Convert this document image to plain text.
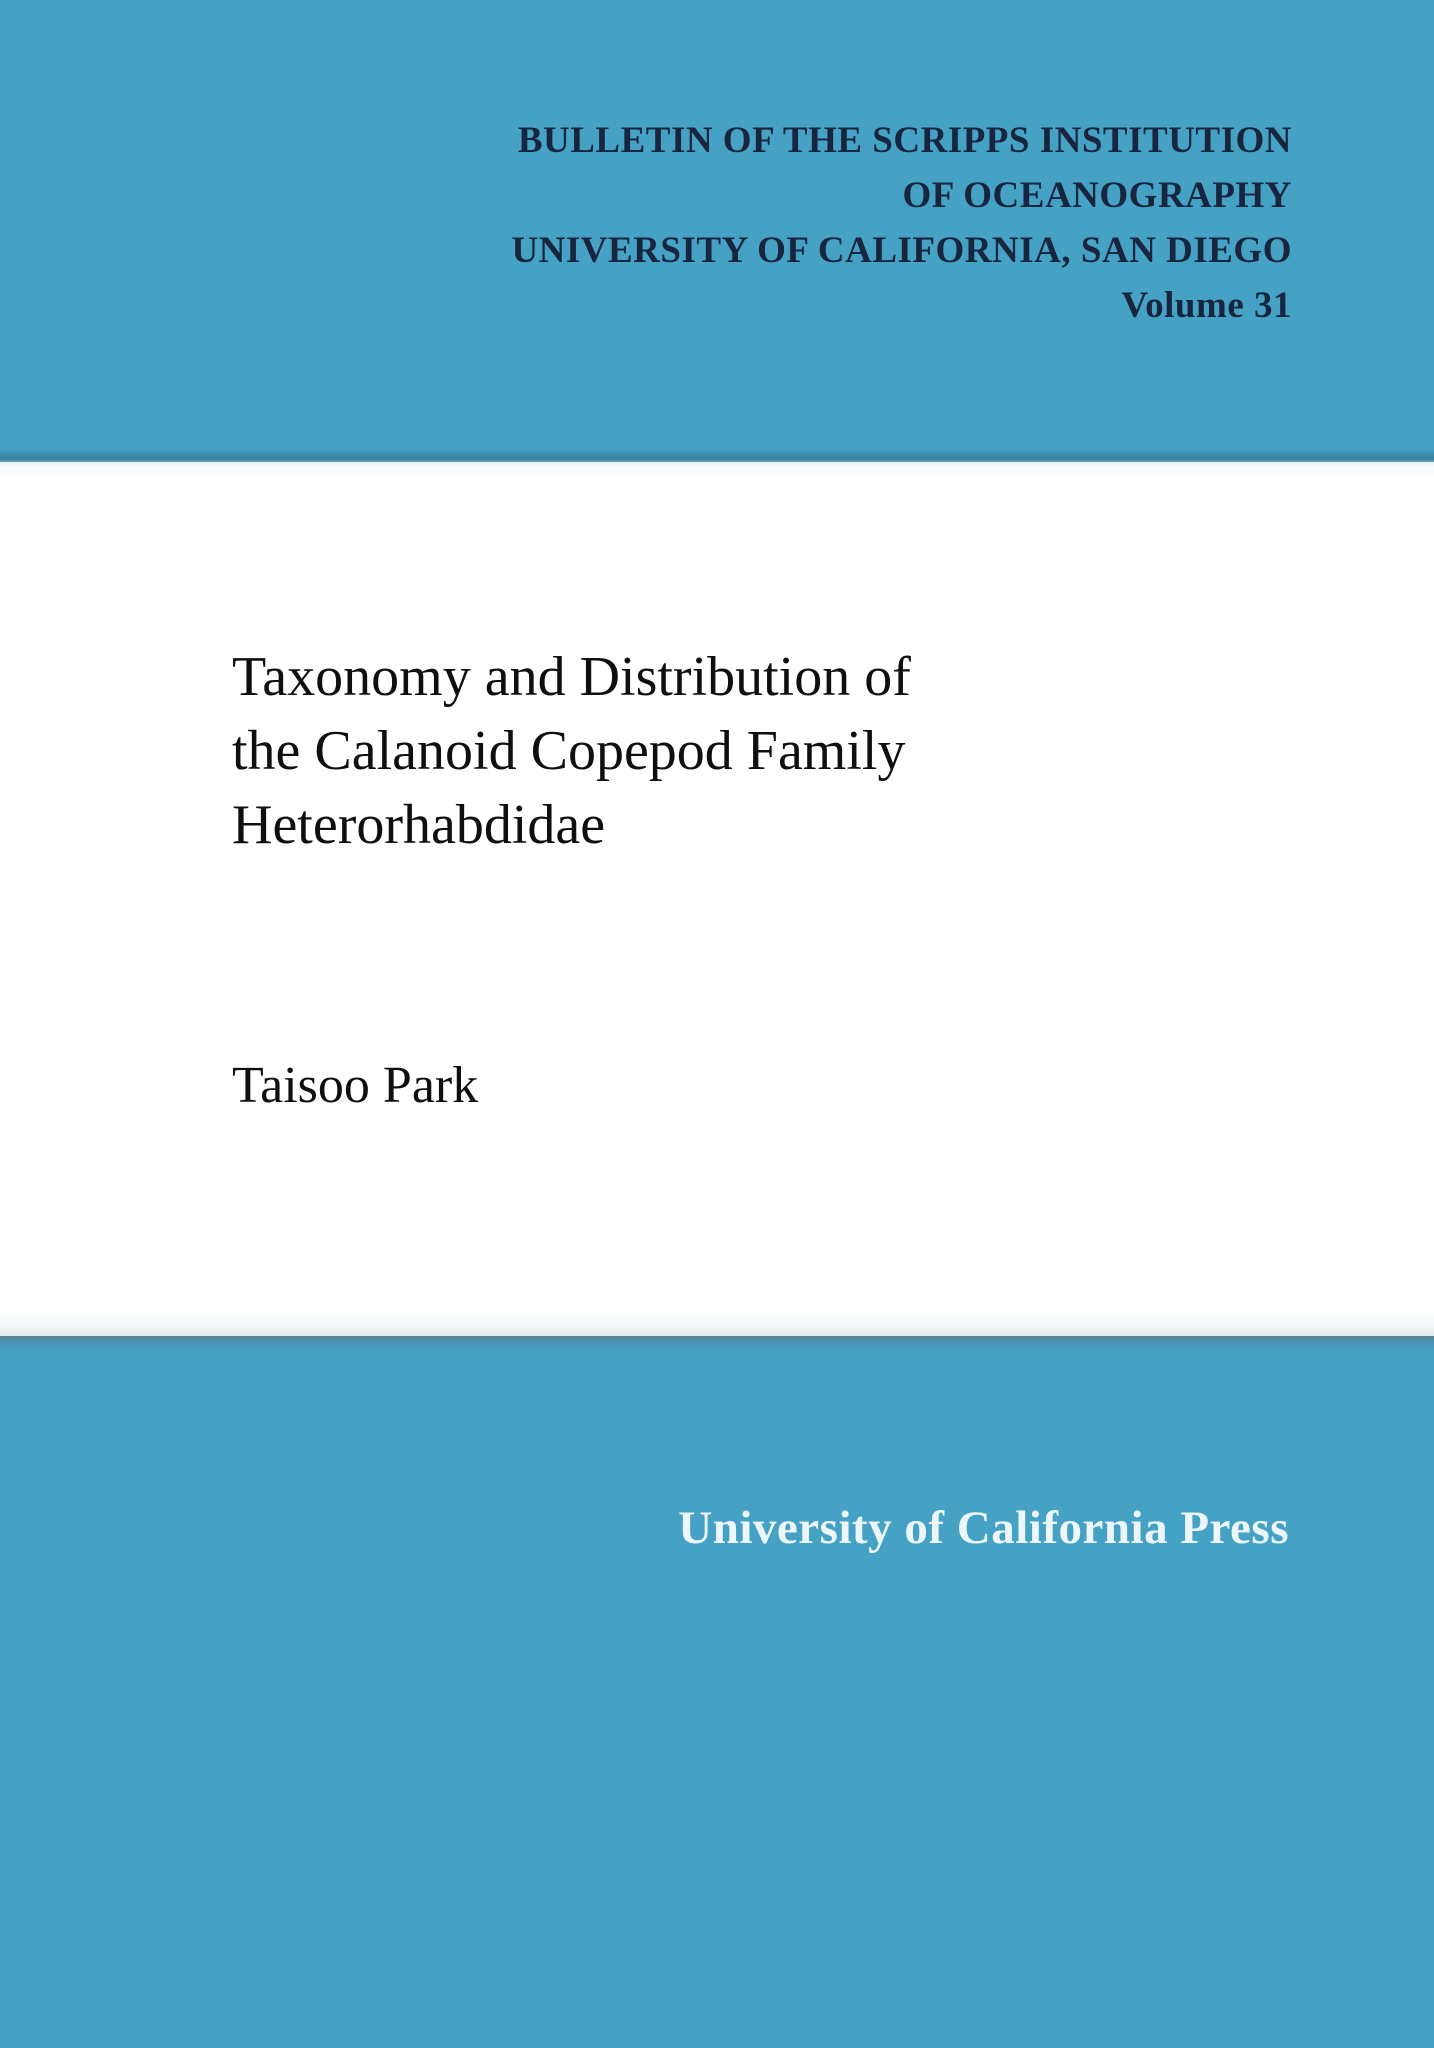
BULLETIN OF THE SCRIPPS INSTITUTION
OF OCEANOGRAPHY
UNIVERSITY OF CALIFORNIA, SAN DIEGO
Volume 31
Taxonomy and Distribution of
the Calanoid Copepod Family
Heterorhabdidae
Taisoo Park
University of California Press
